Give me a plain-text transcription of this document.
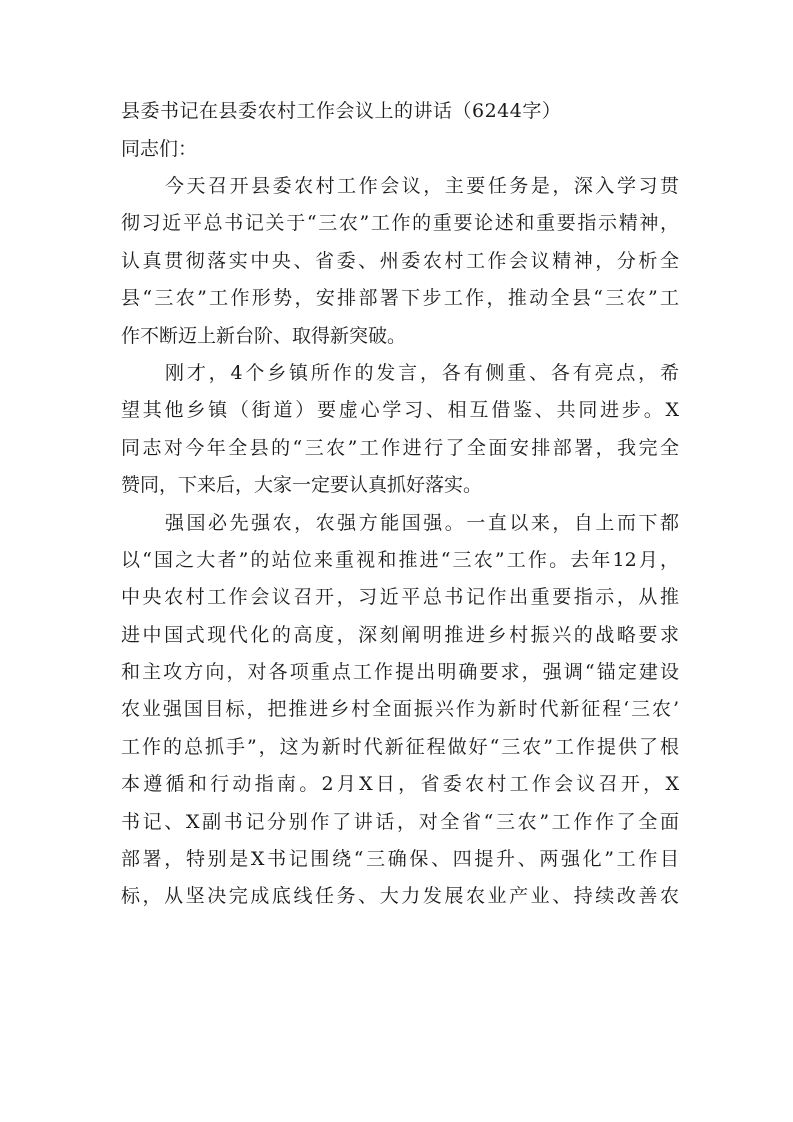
县委书记在县委农村工作会议上的讲话（6244字）
同志们：
今天召开县委农村工作会议，主要任务是，深入学习贯
彻习近平总书记关于“三农”工作的重要论述和重要指示精神，
认真贯彻落实中央、省委、州委农村工作会议精神，分析全
县“三农”工作形势，安排部署下步工作，推动全县“三农”工
作不断迈上新台阶、取得新突破。
刚才，4个乡镇所作的发言，各有侧重、各有亮点，希
望其他乡镇（街道）要虚心学习、相互借鉴、共同进步。X
同志对今年全县的“三农”工作进行了全面安排部署，我完全
赞同，下来后，大家一定要认真抓好落实。
强国必先强农，农强方能国强。一直以来，自上而下都
以“国之大者”的站位来重视和推进“三农”工作。去年12月，
中央农村工作会议召开，习近平总书记作出重要指示，从推
进中国式现代化的高度，深刻阐明推进乡村振兴的战略要求
和主攻方向，对各项重点工作提出明确要求，强调“锚定建设
农业强国目标，把推进乡村全面振兴作为新时代新征程‘三农’
工作的总抓手”，这为新时代新征程做好“三农”工作提供了根
本遵循和行动指南。2月X日，省委农村工作会议召开，X
书记、X副书记分别作了讲话，对全省“三农”工作作了全面
部署，特别是X书记围绕“三确保、四提升、两强化”工作目
标，从坚决完成底线任务、大力发展农业产业、持续改善农
